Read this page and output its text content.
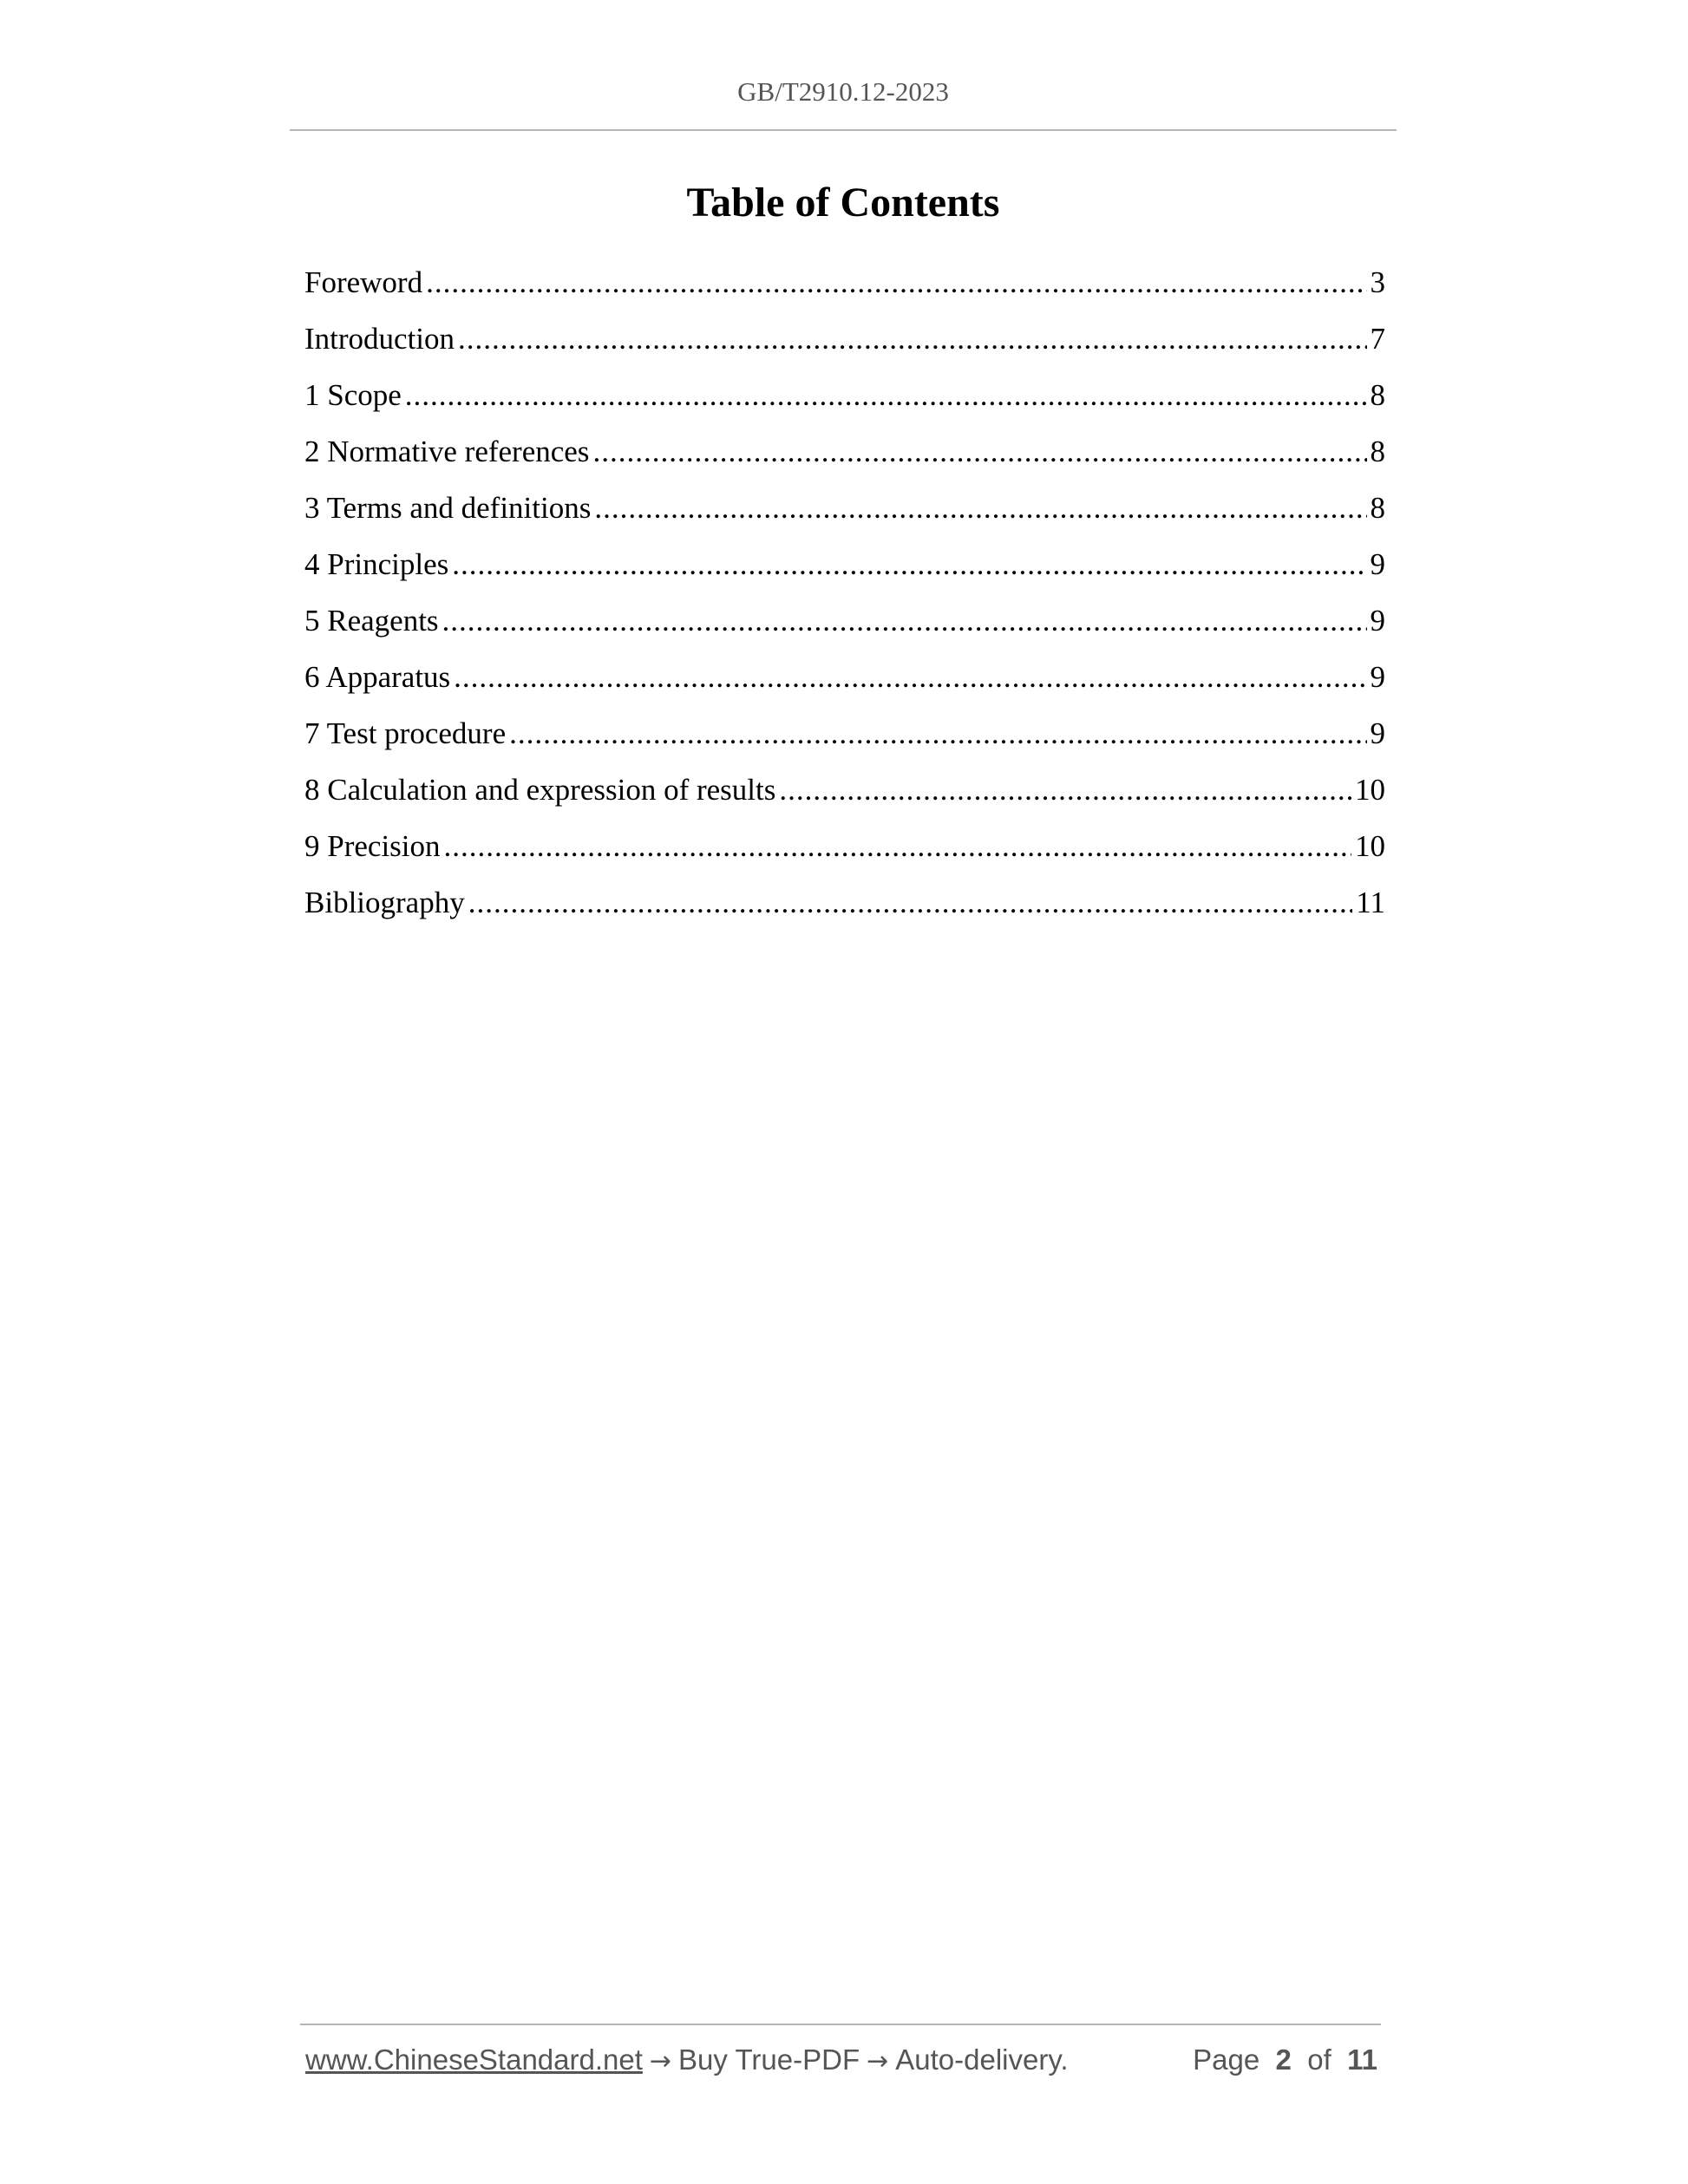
GB/T2910.12-2023
Table of Contents
Foreword .....	3
Introduction .....	7
1 Scope .....	8
2 Normative references .....	8
3 Terms and definitions .....	8
4 Principles .....	9
5 Reagents .....	9
6 Apparatus .....	9
7 Test procedure .....	9
8 Calculation and expression of results .....	10
9 Precision .....	10
Bibliography .....	11
www.ChineseStandard.net → Buy True-PDF → Auto-delivery.	Page 2 of 11
